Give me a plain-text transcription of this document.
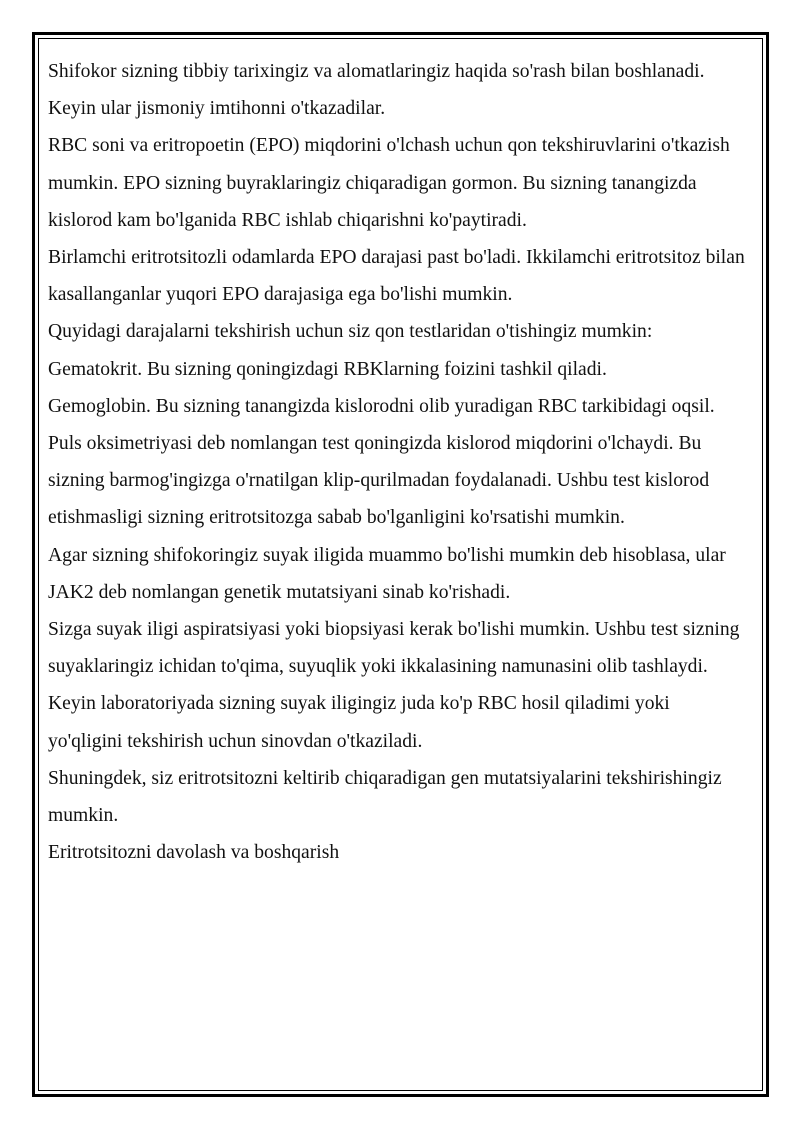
Shifokor sizning tibbiy tarixingiz va alomatlaringiz haqida so'rash bilan boshlanadi. Keyin ular jismoniy imtihonni o'tkazadilar.

RBC soni va eritropoetin (EPO) miqdorini o'lchash uchun qon tekshiruvlarini o'tkazish mumkin. EPO sizning buyraklaringiz chiqaradigan gormon. Bu sizning tanangizda kislorod kam bo'lganida RBC ishlab chiqarishni ko'paytiradi.

Birlamchi eritrotsitozli odamlarda EPO darajasi past bo'ladi. Ikkilamchi eritrotsitoz bilan kasallanganlar yuqori EPO darajasiga ega bo'lishi mumkin.

Quyidagi darajalarni tekshirish uchun siz qon testlaridan o'tishingiz mumkin:

Gematokrit. Bu sizning qoningizdagi RBKlarning foizini tashkil qiladi.

Gemoglobin. Bu sizning tanangizda kislorodni olib yuradigan RBC tarkibidagi oqsil.

Puls oksimetriyasi deb nomlangan test qoningizda kislorod miqdorini o'lchaydi. Bu sizning barmog'ingizga o'rnatilgan klip-qurilmadan foydalanadi. Ushbu test kislorod etishmasligi sizning eritrotsitozga sabab bo'lganligini ko'rsatishi mumkin.

Agar sizning shifokoringiz suyak iligida muammo bo'lishi mumkin deb hisoblasa, ular JAK2 deb nomlangan genetik mutatsiyani sinab ko'rishadi.

Sizga suyak iligi aspiratsiyasi yoki biopsiyasi kerak bo'lishi mumkin. Ushbu test sizning suyaklaringiz ichidan to'qima, suyuqlik yoki ikkalasining namunasini olib tashlaydi. Keyin laboratoriyada sizning suyak iligingiz juda ko'p RBC hosil qiladimi yoki yo'qligini tekshirish uchun sinovdan o'tkaziladi.

Shuningdek, siz eritrotsitozni keltirib chiqaradigan gen mutatsiyalarini tekshirishingiz mumkin.

Eritrotsitozni davolash va boshqarish
